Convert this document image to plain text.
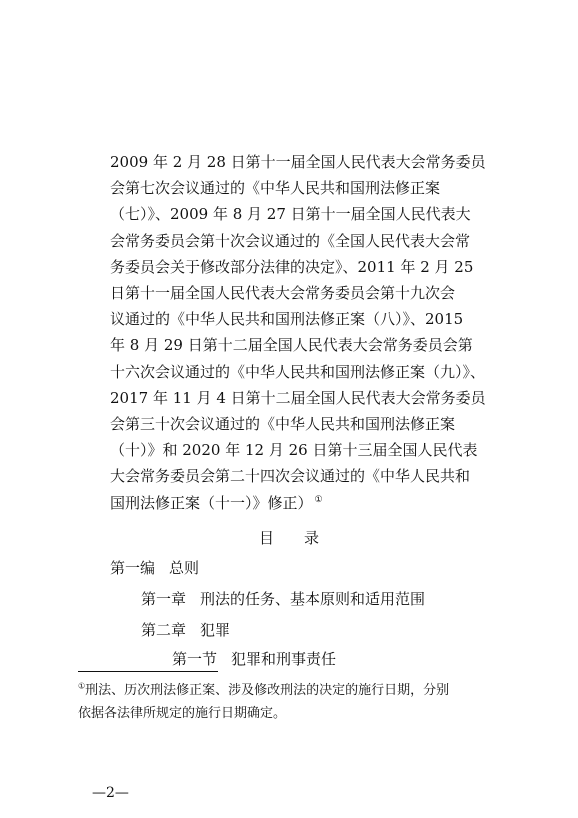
2009 年 2 月 28 日第十一届全国人民代表大会常务委员
会第七次会议通过的《中华人民共和国刑法修正案
（七）》、2009 年 8 月 27 日第十一届全国人民代表大
会常务委员会第十次会议通过的《全国人民代表大会常
务委员会关于修改部分法律的决定》、2011 年 2 月 25
日第十一届全国人民代表大会常务委员会第十九次会
议通过的《中华人民共和国刑法修正案（八）》、2015
年 8 月 29 日第十二届全国人民代表大会常务委员会第
十六次会议通过的《中华人民共和国刑法修正案（九）》、
2017 年 11 月 4 日第十二届全国人民代表大会常务委员
会第三十次会议通过的《中华人民共和国刑法修正案
（十）》和 2020 年 12 月 26 日第十三届全国人民代表
大会常务委员会第二十四次会议通过的《中华人民共和
目录
第一编 总则
第一章 刑法的任务、基本原则和适用范围
第二章 犯罪
第一节 犯罪和刑事责任
①刑法、历次刑法修正案、涉及修改刑法的决定的施行日期，分别
依据各法律所规定的施行日期确定。
—2—
国刑法修正案（十一）》修正） ①
